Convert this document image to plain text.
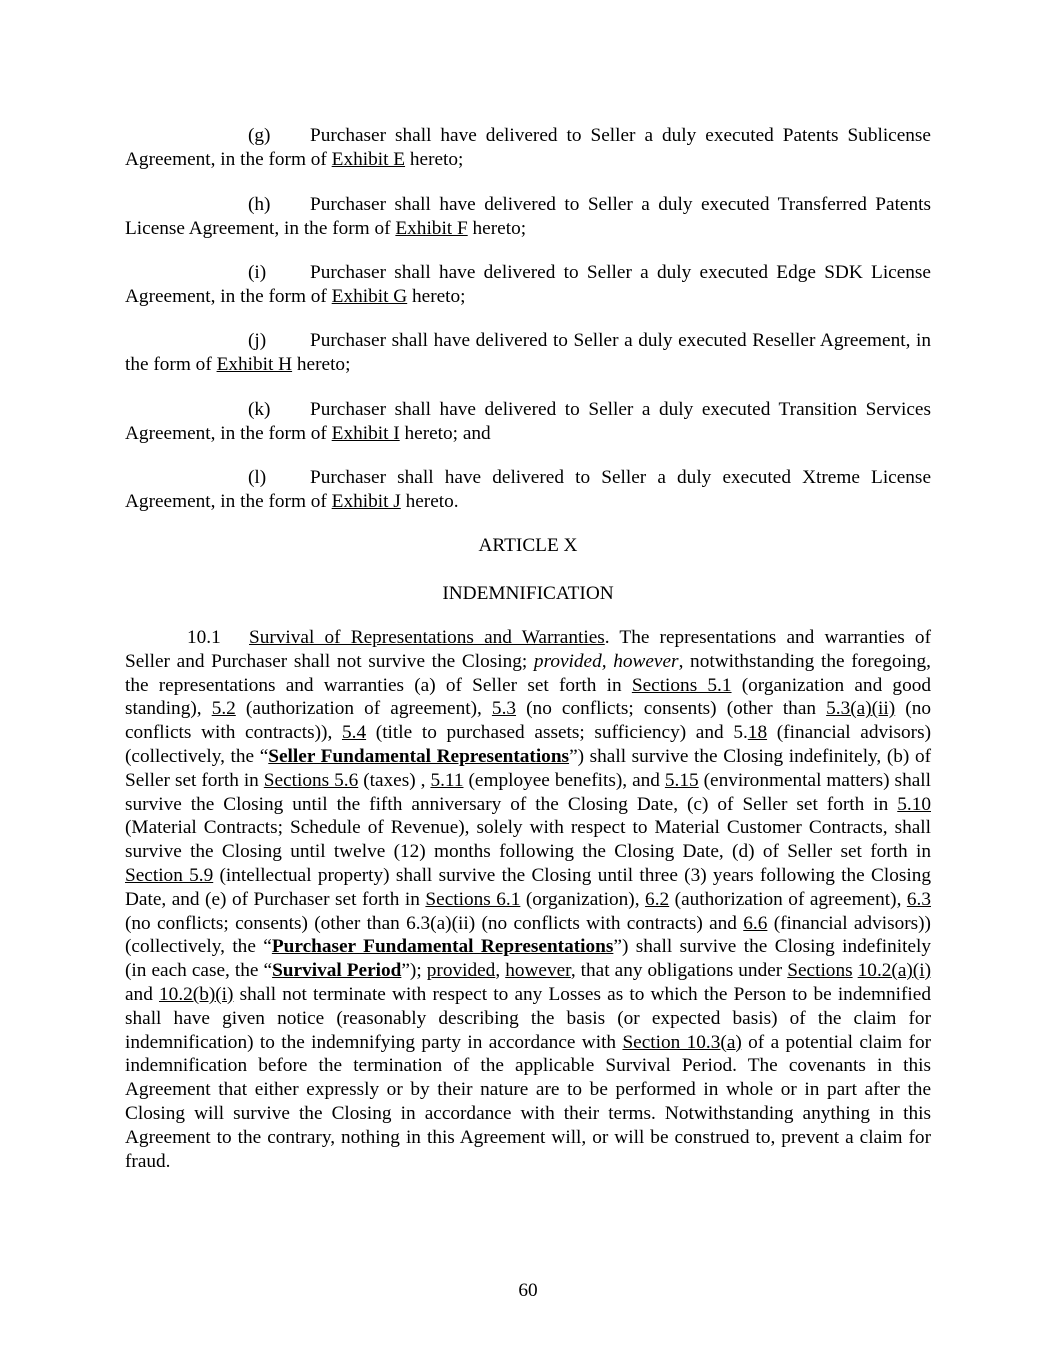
(g) Purchaser shall have delivered to Seller a duly executed Patents Sublicense Agreement, in the form of Exhibit E hereto;

(h) Purchaser shall have delivered to Seller a duly executed Transferred Patents License Agreement, in the form of Exhibit F hereto;

(i) Purchaser shall have delivered to Seller a duly executed Edge SDK License Agreement, in the form of Exhibit G hereto;

(j) Purchaser shall have delivered to Seller a duly executed Reseller Agreement, in the form of Exhibit H hereto;

(k) Purchaser shall have delivered to Seller a duly executed Transition Services Agreement, in the form of Exhibit I hereto; and

(l) Purchaser shall have delivered to Seller a duly executed Xtreme License Agreement, in the form of Exhibit J hereto.

ARTICLE X

INDEMNIFICATION

10.1 Survival of Representations and Warranties. The representations and warranties of Seller and Purchaser shall not survive the Closing; provided, however, notwithstanding the foregoing, the representations and warranties (a) of Seller set forth in Sections 5.1 (organization and good standing), 5.2 (authorization of agreement), 5.3 (no conflicts; consents) (other than 5.3(a)(ii) (no conflicts with contracts)), 5.4 (title to purchased assets; sufficiency) and 5.18 (financial advisors) (collectively, the “Seller Fundamental Representations”) shall survive the Closing indefinitely, (b) of Seller set forth in Sections 5.6 (taxes) , 5.11 (employee benefits), and 5.15 (environmental matters) shall survive the Closing until the fifth anniversary of the Closing Date, (c) of Seller set forth in 5.10 (Material Contracts; Schedule of Revenue), solely with respect to Material Customer Contracts, shall survive the Closing until twelve (12) months following the Closing Date, (d) of Seller set forth in Section 5.9 (intellectual property) shall survive the Closing until three (3) years following the Closing Date, and (e) of Purchaser set forth in Sections 6.1 (organization), 6.2 (authorization of agreement), 6.3 (no conflicts; consents) (other than 6.3(a)(ii) (no conflicts with contracts) and 6.6 (financial advisors)) (collectively, the “Purchaser Fundamental Representations”) shall survive the Closing indefinitely (in each case, the “Survival Period”); provided, however, that any obligations under Sections 10.2(a)(i) and 10.2(b)(i) shall not terminate with respect to any Losses as to which the Person to be indemnified shall have given notice (reasonably describing the basis (or expected basis) of the claim for indemnification) to the indemnifying party in accordance with Section 10.3(a) of a potential claim for indemnification before the termination of the applicable Survival Period. The covenants in this Agreement that either expressly or by their nature are to be performed in whole or in part after the Closing will survive the Closing in accordance with their terms. Notwithstanding anything in this Agreement to the contrary, nothing in this Agreement will, or will be construed to, prevent a claim for fraud.

60
